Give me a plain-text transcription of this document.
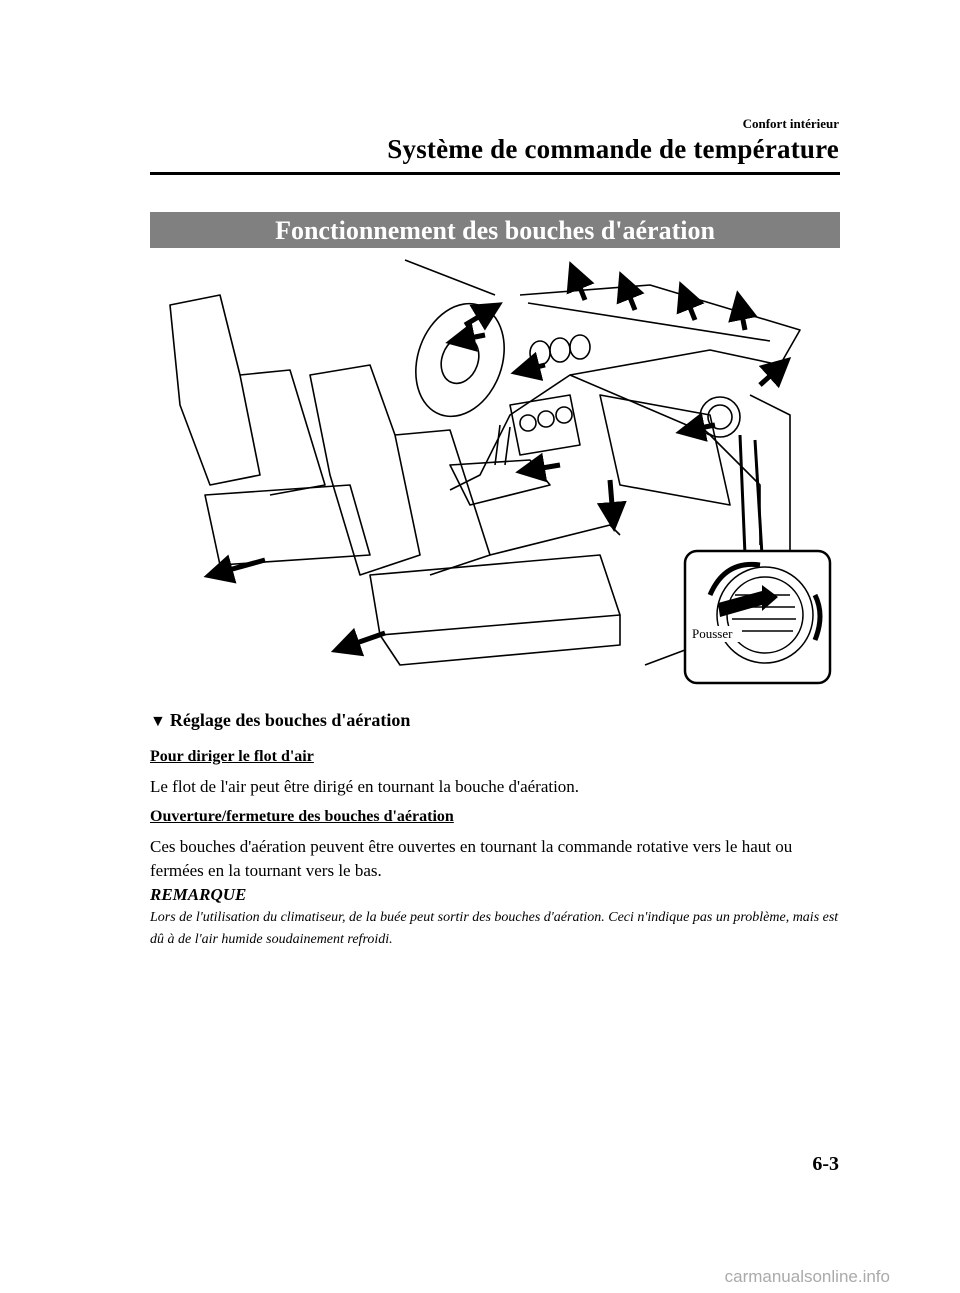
Confort intérieur
Système de commande de température
Fonctionnement des bouches d'aération
Pousser
▼ Réglage des bouches d'aération
Pour diriger le flot d'air
Le flot de l'air peut être dirigé en tournant la bouche d'aération.
Ouverture/fermeture des bouches d'aération
Ces bouches d'aération peuvent être ouvertes en tournant la commande rotative vers le haut ou fermées en la tournant vers le bas.
REMARQUE
Lors de l'utilisation du climatiseur, de la buée peut sortir des bouches d'aération. Ceci n'indique pas un problème, mais est dû à de l'air humide soudainement refroidi.
6-3
carmanualsonline.info
